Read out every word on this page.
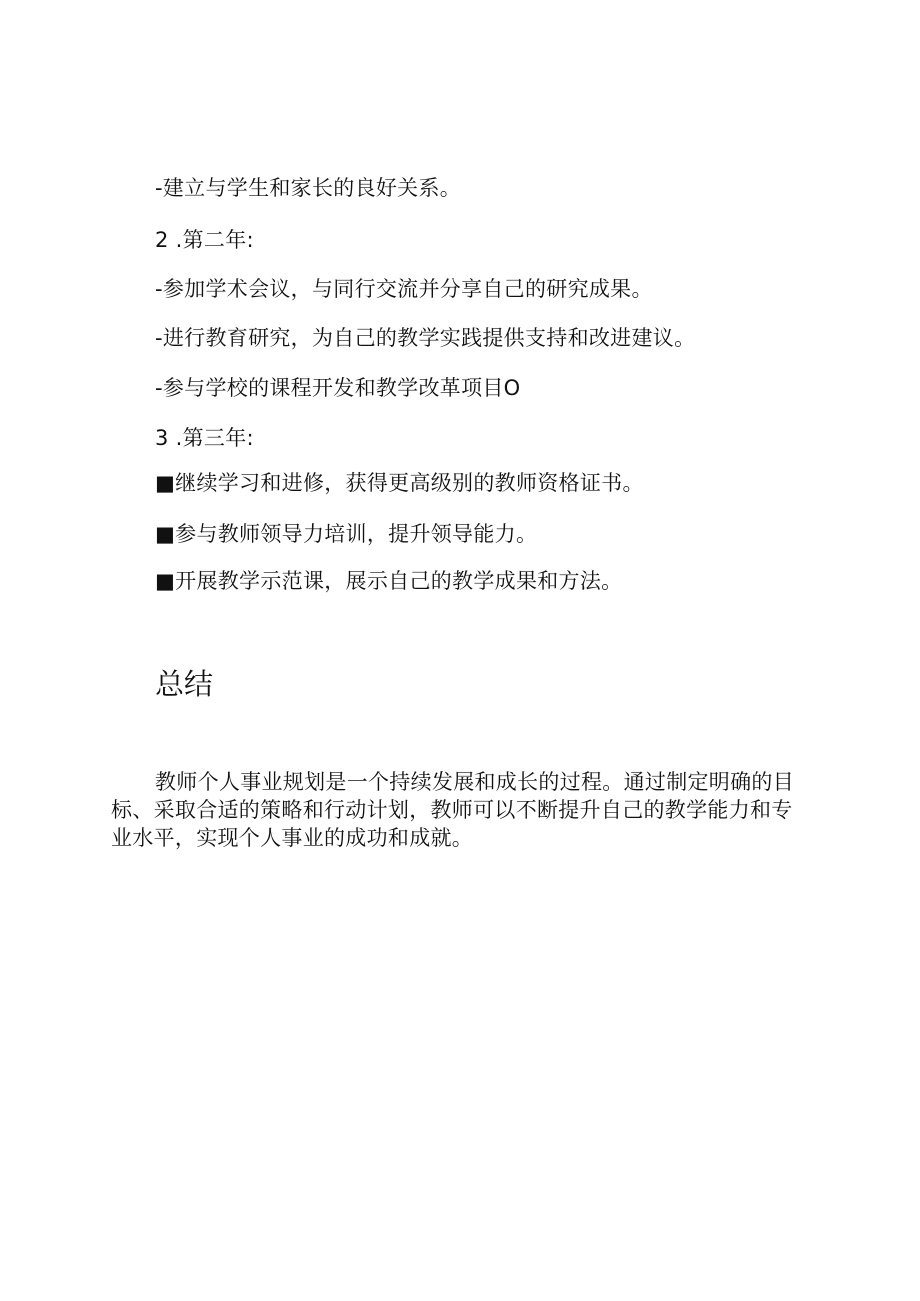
-建立与学生和家长的良好关系。
2 .第二年:
-参加学术会议，与同行交流并分享自己的研究成果。
-进行教育研究，为自己的教学实践提供支持和改进建议。
-参与学校的课程开发和教学改革项目O
3 .第三年:
■继续学习和进修，获得更高级别的教师资格证书。
■参与教师领导力培训，提升领导能力。
■开展教学示范课，展示自己的教学成果和方法。
总结
教师个人事业规划是一个持续发展和成长的过程。通过制定明确的目标、采取合适的策略和行动计划，教师可以不断提升自己的教学能力和专业水平，实现个人事业的成功和成就。
